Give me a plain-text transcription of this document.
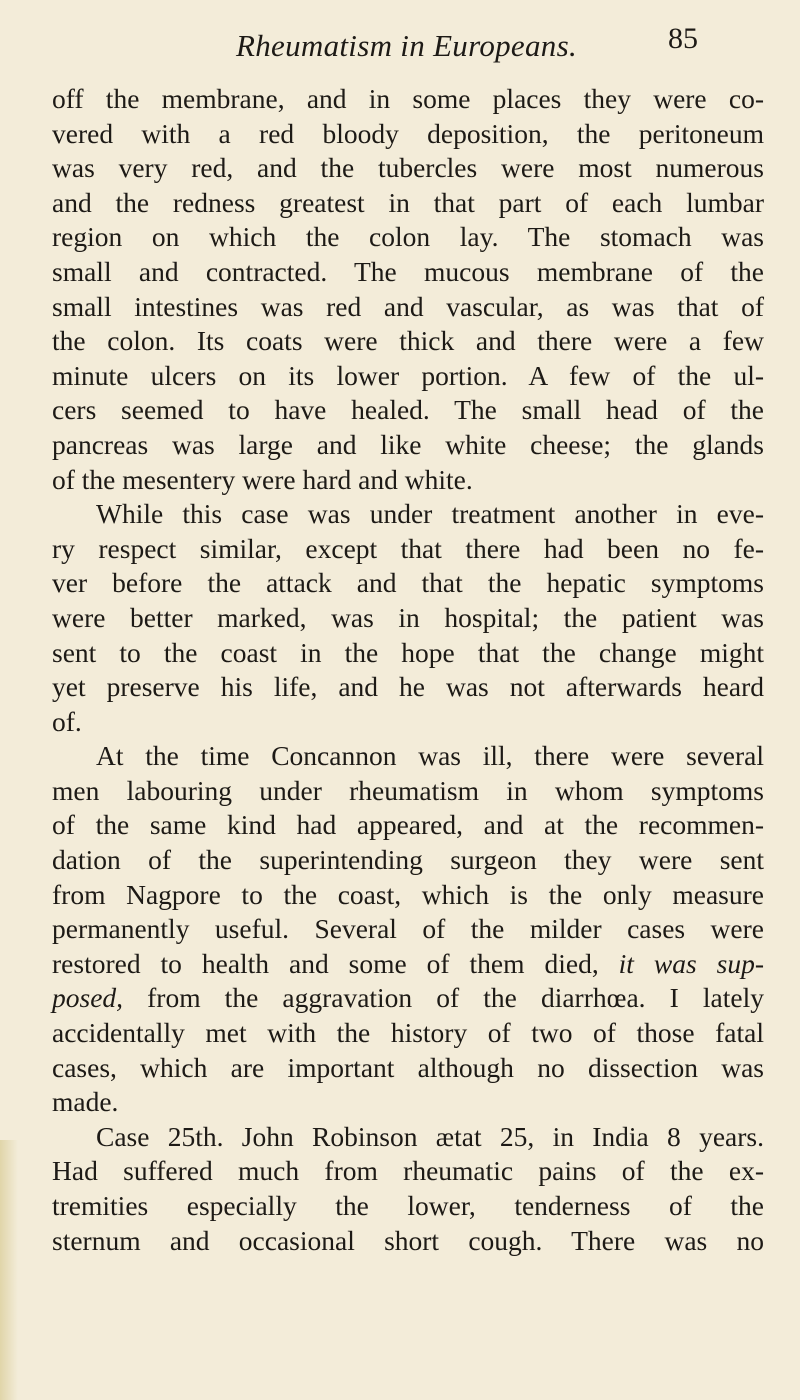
Rheumatism in Europeans.	85

off the membrane, and in some places they were co-
vered with a red bloody deposition, the peritoneum
was very red, and the tubercles were most numerous
and the redness greatest in that part of each lumbar
region on which the colon lay. The stomach was
small and contracted. The mucous membrane of the
small intestines was red and vascular, as was that of
the colon. Its coats were thick and there were a few
minute ulcers on its lower portion. A few of the ul-
cers seemed to have healed. The small head of the
pancreas was large and like white cheese; the glands
of the mesentery were hard and white.

While this case was under treatment another in eve-
ry respect similar, except that there had been no fe-
ver before the attack and that the hepatic symptoms
were better marked, was in hospital; the patient was
sent to the coast in the hope that the change might
yet preserve his life, and he was not afterwards heard
of.

At the time Concannon was ill, there were several
men labouring under rheumatism in whom symptoms
of the same kind had appeared, and at the recommen-
dation of the superintending surgeon they were sent
from Nagpore to the coast, which is the only measure
permanently useful. Several of the milder cases were
restored to health and some of them died, it was sup-
posed, from the aggravation of the diarrhœa. I lately
accidentally met with the history of two of those fatal
cases, which are important although no dissection was
made.

Case 25th. John Robinson ætat 25, in India 8 years.
Had suffered much from rheumatic pains of the ex-
tremities especially the lower, tenderness of the
sternum and occasional short cough. There was no
